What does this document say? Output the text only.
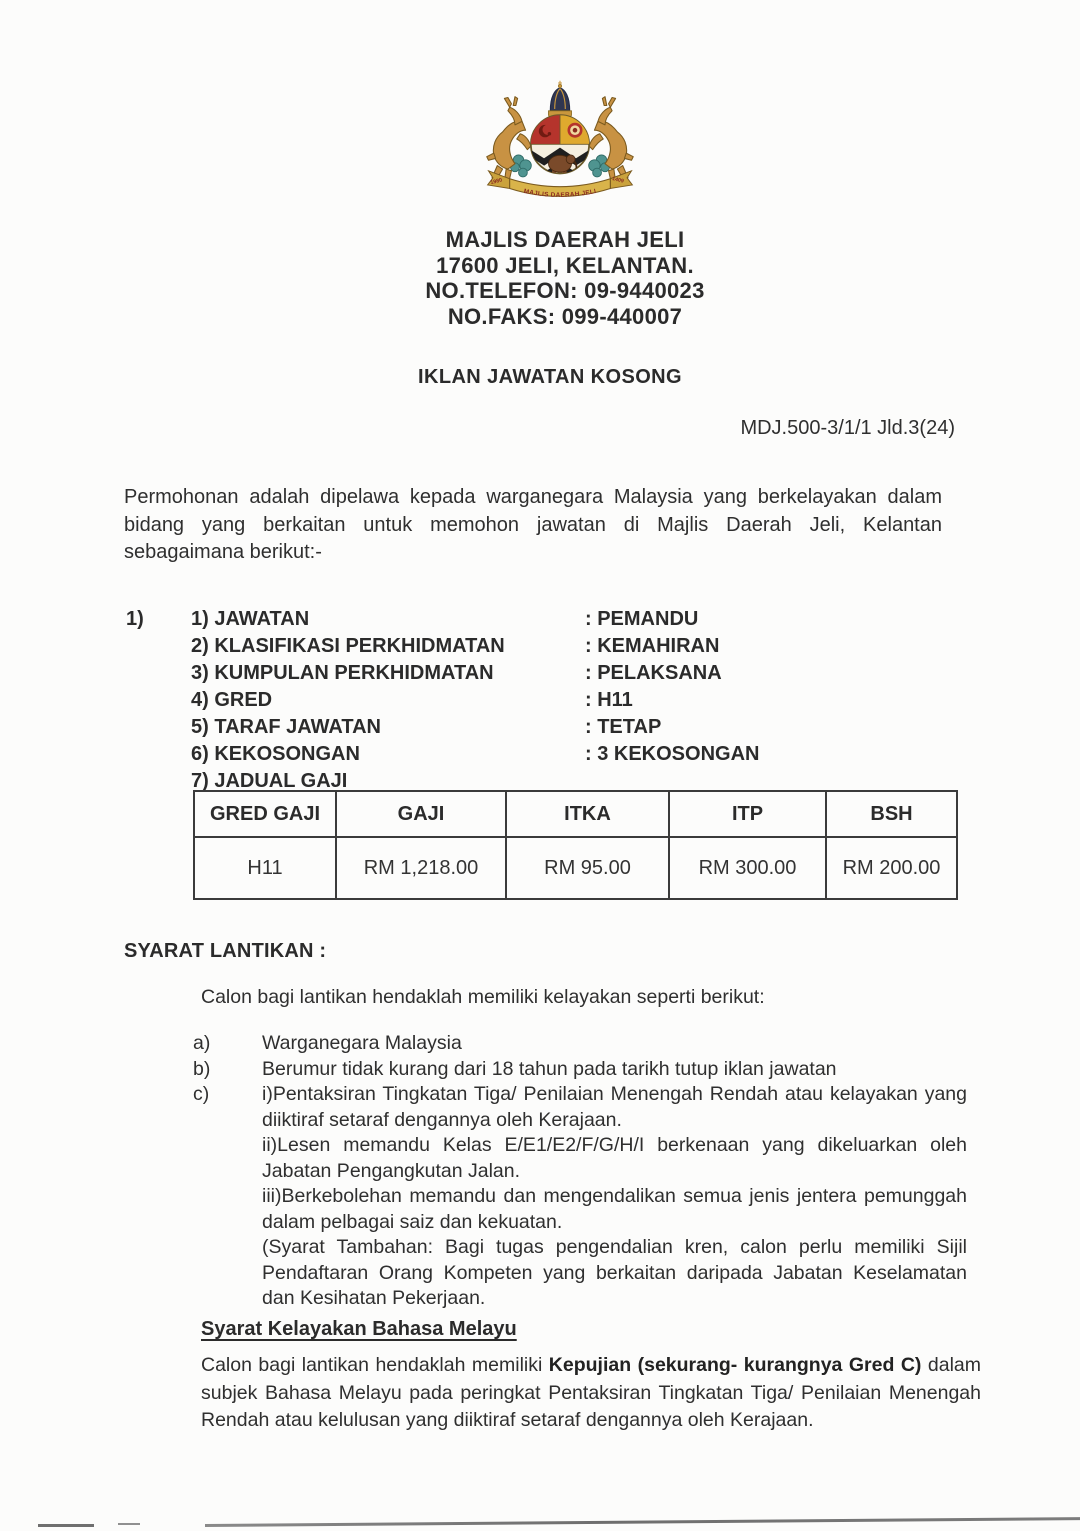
1980	1409
MAJLIS DAERAH JELI
MAJLIS DAERAH JELI
17600 JELI, KELANTAN.
NO.TELEFON: 09-9440023
NO.FAKS: 099-440007
IKLAN JAWATAN KOSONG
MDJ.500-3/1/1 Jld.3(24)
Permohonan adalah dipelawa kepada warganegara Malaysia yang berkelayakan dalam bidang yang berkaitan untuk memohon jawatan di Majlis Daerah Jeli, Kelantan sebagaimana berikut:-
1) 1) JAWATAN	: PEMANDU
2) KLASIFIKASI PERKHIDMATAN	: KEMAHIRAN
3) KUMPULAN PERKHIDMATAN	: PELAKSANA
4) GRED	: H11
5) TARAF JAWATAN	: TETAP
6) KEKOSONGAN	: 3 KEKOSONGAN
7) JADUAL GAJI
GRED GAJI	GAJI	ITKA	ITP	BSH
H11	RM 1,218.00	RM 95.00	RM 300.00	RM 200.00
SYARAT LANTIKAN :
Calon bagi lantikan hendaklah memiliki kelayakan seperti berikut:
a)	Warganegara Malaysia

b)	Berumur tidak kurang dari 18 tahun pada tarikh tutup iklan jawatan

c)	i)Pentaksiran Tingkatan Tiga/ Penilaian Menengah Rendah atau kelayakan yang diiktiraf setaraf dengannya oleh Kerajaan.

ii)Lesen memandu Kelas E/E1/E2/F/G/H/I berkenaan yang dikeluarkan oleh Jabatan Pengangkutan Jalan.

iii)Berkebolehan memandu dan mengendalikan semua jenis jentera pemunggah dalam pelbagai saiz dan kekuatan.

(Syarat Tambahan: Bagi tugas pengendalian kren, calon perlu memiliki Sijil Pendaftaran Orang Kompeten yang berkaitan daripada Jabatan Keselamatan dan Kesihatan Pekerjaan.

Syarat Kelayakan Bahasa Melayu
Calon bagi lantikan hendaklah memiliki Kepujian (sekurang- kurangnya Gred C) dalam subjek Bahasa Melayu pada peringkat Pentaksiran Tingkatan Tiga/ Penilaian Menengah Rendah atau kelulusan yang diiktiraf setaraf dengannya oleh Kerajaan.
